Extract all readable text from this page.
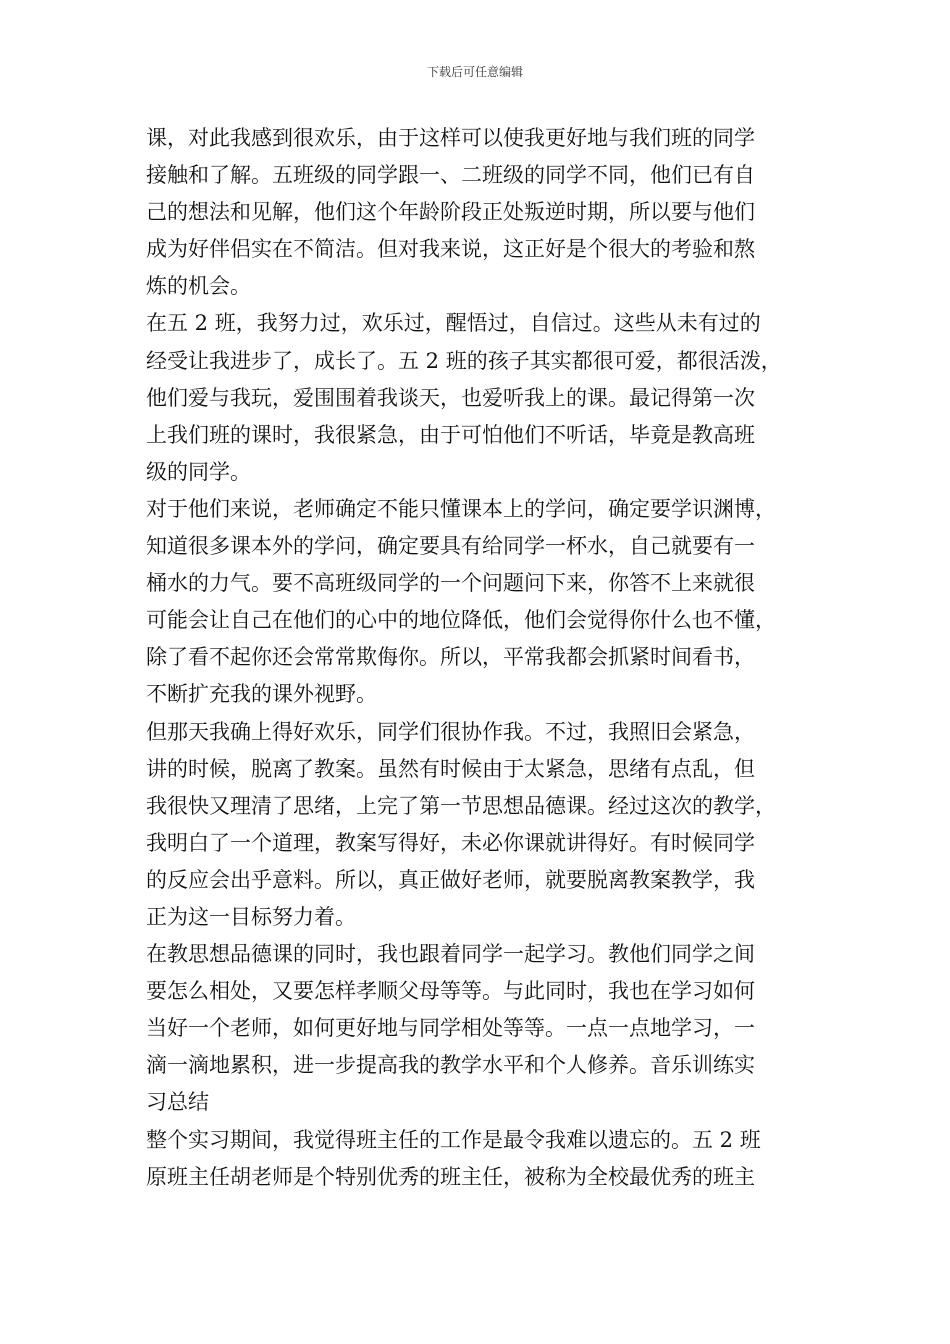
下载后可任意编辑
课，对此我感到很欢乐，由于这样可以使我更好地与我们班的同学
接触和了解。五班级的同学跟一、二班级的同学不同，他们已有自
己的想法和见解，他们这个年龄阶段正处叛逆时期，所以要与他们
成为好伴侣实在不简洁。但对我来说，这正好是个很大的考验和熬
炼的机会。
在五 2 班，我努力过，欢乐过，醒悟过，自信过。这些从未有过的
经受让我进步了，成长了。五 2 班的孩子其实都很可爱，都很活泼，
他们爱与我玩，爱围围着我谈天，也爱听我上的课。最记得第一次
上我们班的课时，我很紧急，由于可怕他们不听话，毕竟是教高班
级的同学。
对于他们来说，老师确定不能只懂课本上的学问，确定要学识渊博，
知道很多课本外的学问，确定要具有给同学一杯水，自己就要有一
桶水的力气。要不高班级同学的一个问题问下来，你答不上来就很
可能会让自己在他们的心中的地位降低，他们会觉得你什么也不懂，
除了看不起你还会常常欺侮你。所以，平常我都会抓紧时间看书，
不断扩充我的课外视野。
但那天我确上得好欢乐，同学们很协作我。不过，我照旧会紧急，
讲的时候，脱离了教案。虽然有时候由于太紧急，思绪有点乱，但
我很快又理清了思绪，上完了第一节思想品德课。经过这次的教学，
我明白了一个道理，教案写得好，未必你课就讲得好。有时候同学
的反应会出乎意料。所以，真正做好老师，就要脱离教案教学，我
正为这一目标努力着。
在教思想品德课的同时，我也跟着同学一起学习。教他们同学之间
要怎么相处，又要怎样孝顺父母等等。与此同时，我也在学习如何
当好一个老师，如何更好地与同学相处等等。一点一点地学习，一
滴一滴地累积，进一步提高我的教学水平和个人修养。音乐训练实
习总结
整个实习期间，我觉得班主任的工作是最令我难以遗忘的。五 2 班
原班主任胡老师是个特别优秀的班主任，被称为全校最优秀的班主
